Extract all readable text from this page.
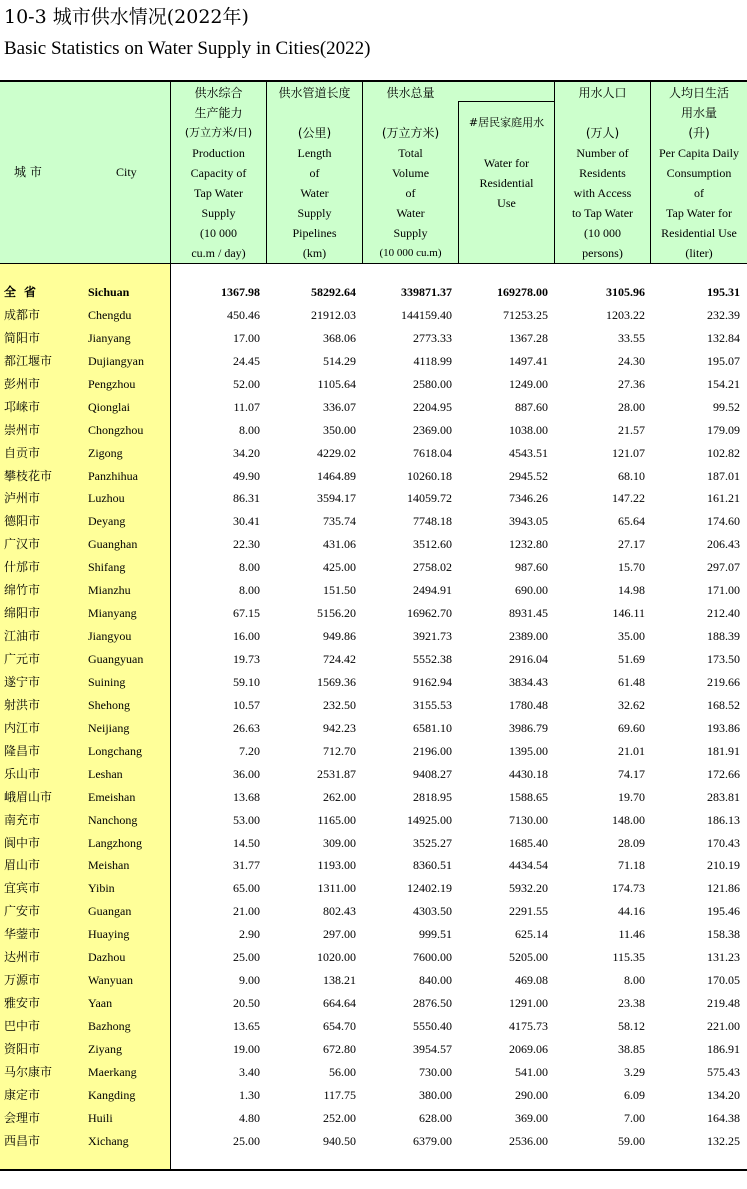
10-3 城市供水情况(2022年)
Basic Statistics on Water Supply in Cities(2022)
城 市	City
供水综合
生产能力
(万立方米/日)
Production
Capacity of
Tap Water
Supply
(10 000
cu.m / day)
供水管道长度

(公里)
Length
of
Water
Supply
Pipelines
(km)
供水总量

(万立方米)
Total
Volume
of
Water
Supply
(10 000 cu.m)
#居民家庭用水

Water for
Residential
Use
用水人口

(万人)
Number of
Residents
with Access
to Tap Water
(10 000
persons)
人均日生活
用水量
(升)
Per Capita Daily
Consumption
of
Tap Water for
Residential Use
(liter)
全省	Sichuan	1367.98	58292.64	339871.37	169278.00	3105.96	195.31
成都市	Chengdu	450.46	21912.03	144159.40	71253.25	1203.22	232.39
简阳市	Jianyang	17.00	368.06	2773.33	1367.28	33.55	132.84
都江堰市	Dujiangyan	24.45	514.29	4118.99	1497.41	24.30	195.07
彭州市	Pengzhou	52.00	1105.64	2580.00	1249.00	27.36	154.21
邛崃市	Qionglai	11.07	336.07	2204.95	887.60	28.00	99.52
崇州市	Chongzhou	8.00	350.00	2369.00	1038.00	21.57	179.09
自贡市	Zigong	34.20	4229.02	7618.04	4543.51	121.07	102.82
攀枝花市	Panzhihua	49.90	1464.89	10260.18	2945.52	68.10	187.01
泸州市	Luzhou	86.31	3594.17	14059.72	7346.26	147.22	161.21
德阳市	Deyang	30.41	735.74	7748.18	3943.05	65.64	174.60
广汉市	Guanghan	22.30	431.06	3512.60	1232.80	27.17	206.43
什邡市	Shifang	8.00	425.00	2758.02	987.60	15.70	297.07
绵竹市	Mianzhu	8.00	151.50	2494.91	690.00	14.98	171.00
绵阳市	Mianyang	67.15	5156.20	16962.70	8931.45	146.11	212.40
江油市	Jiangyou	16.00	949.86	3921.73	2389.00	35.00	188.39
广元市	Guangyuan	19.73	724.42	5552.38	2916.04	51.69	173.50
遂宁市	Suining	59.10	1569.36	9162.94	3834.43	61.48	219.66
射洪市	Shehong	10.57	232.50	3155.53	1780.48	32.62	168.52
内江市	Neijiang	26.63	942.23	6581.10	3986.79	69.60	193.86
隆昌市	Longchang	7.20	712.70	2196.00	1395.00	21.01	181.91
乐山市	Leshan	36.00	2531.87	9408.27	4430.18	74.17	172.66
峨眉山市	Emeishan	13.68	262.00	2818.95	1588.65	19.70	283.81
南充市	Nanchong	53.00	1165.00	14925.00	7130.00	148.00	186.13
阆中市	Langzhong	14.50	309.00	3525.27	1685.40	28.09	170.43
眉山市	Meishan	31.77	1193.00	8360.51	4434.54	71.18	210.19
宜宾市	Yibin	65.00	1311.00	12402.19	5932.20	174.73	121.86
广安市	Guangan	21.00	802.43	4303.50	2291.55	44.16	195.46
华蓥市	Huaying	2.90	297.00	999.51	625.14	11.46	158.38
达州市	Dazhou	25.00	1020.00	7600.00	5205.00	115.35	131.23
万源市	Wanyuan	9.00	138.21	840.00	469.08	8.00	170.05
雅安市	Yaan	20.50	664.64	2876.50	1291.00	23.38	219.48
巴中市	Bazhong	13.65	654.70	5550.40	4175.73	58.12	221.00
资阳市	Ziyang	19.00	672.80	3954.57	2069.06	38.85	186.91
马尔康市	Maerkang	3.40	56.00	730.00	541.00	3.29	575.43
康定市	Kangding	1.30	117.75	380.00	290.00	6.09	134.20
会理市	Huili	4.80	252.00	628.00	369.00	7.00	164.38
西昌市	Xichang	25.00	940.50	6379.00	2536.00	59.00	132.25
